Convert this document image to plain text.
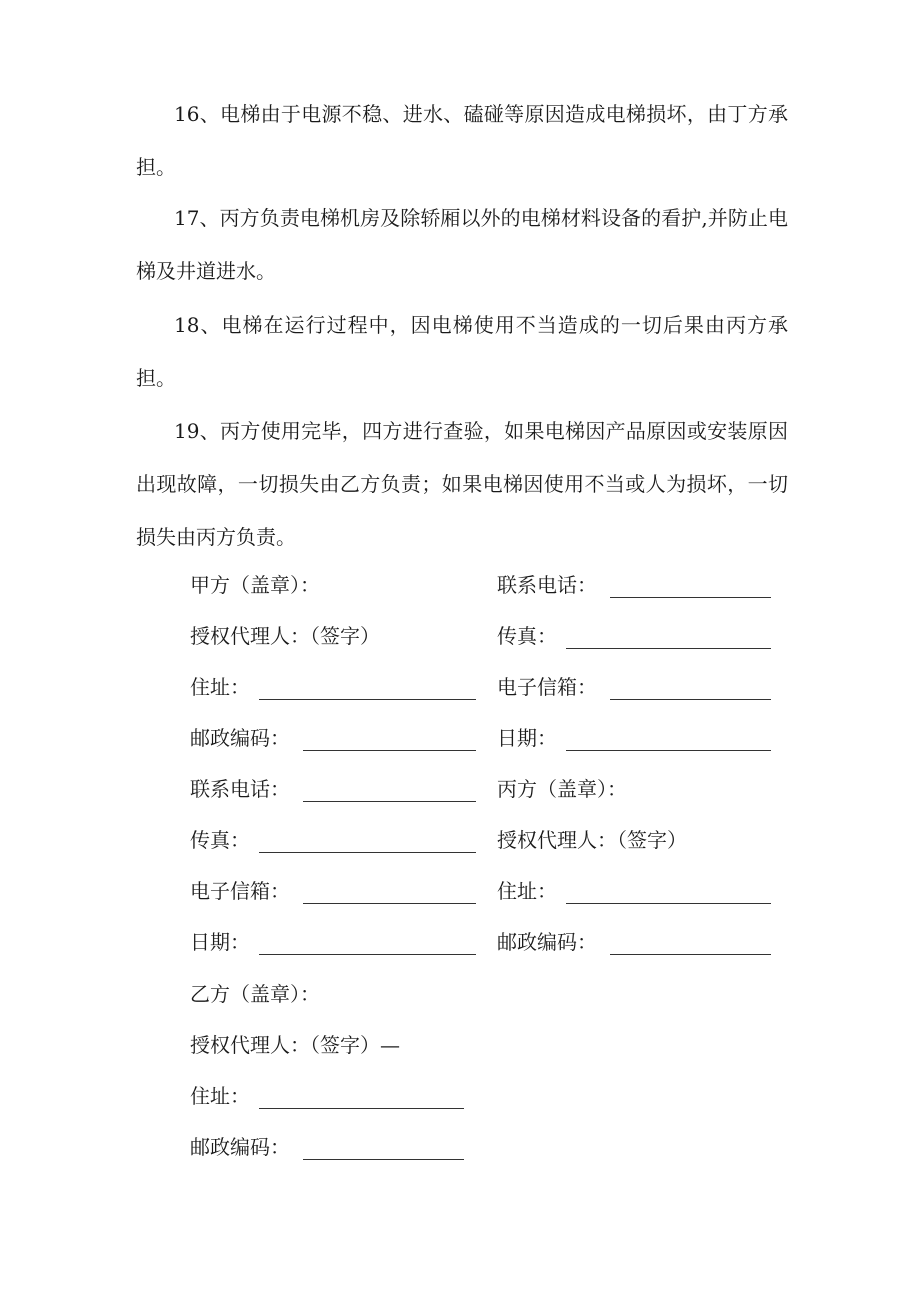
16、电梯由于电源不稳、进水、磕碰等原因造成电梯损坏，由丁方承担。

17、丙方负责电梯机房及除轿厢以外的电梯材料设备的看护,并防止电梯及井道进水。

18、电梯在运行过程中，因电梯使用不当造成的一切后果由丙方承担。

19、丙方使用完毕，四方进行查验，如果电梯因产品原因或安装原因出现故障，一切损失由乙方负责；如果电梯因使用不当或人为损坏，一切损失由丙方负责。

甲方（盖章）：	联系电话：
授权代理人：（签字）	传真：
住址：	电子信箱：
邮政编码：	日期：
联系电话：	丙方（盖章）：
传真：	授权代理人：（签字）
电子信箱：	住址：
日期：	邮政编码：
乙方（盖章）：
授权代理人：（签字）—
住址：
邮政编码：
